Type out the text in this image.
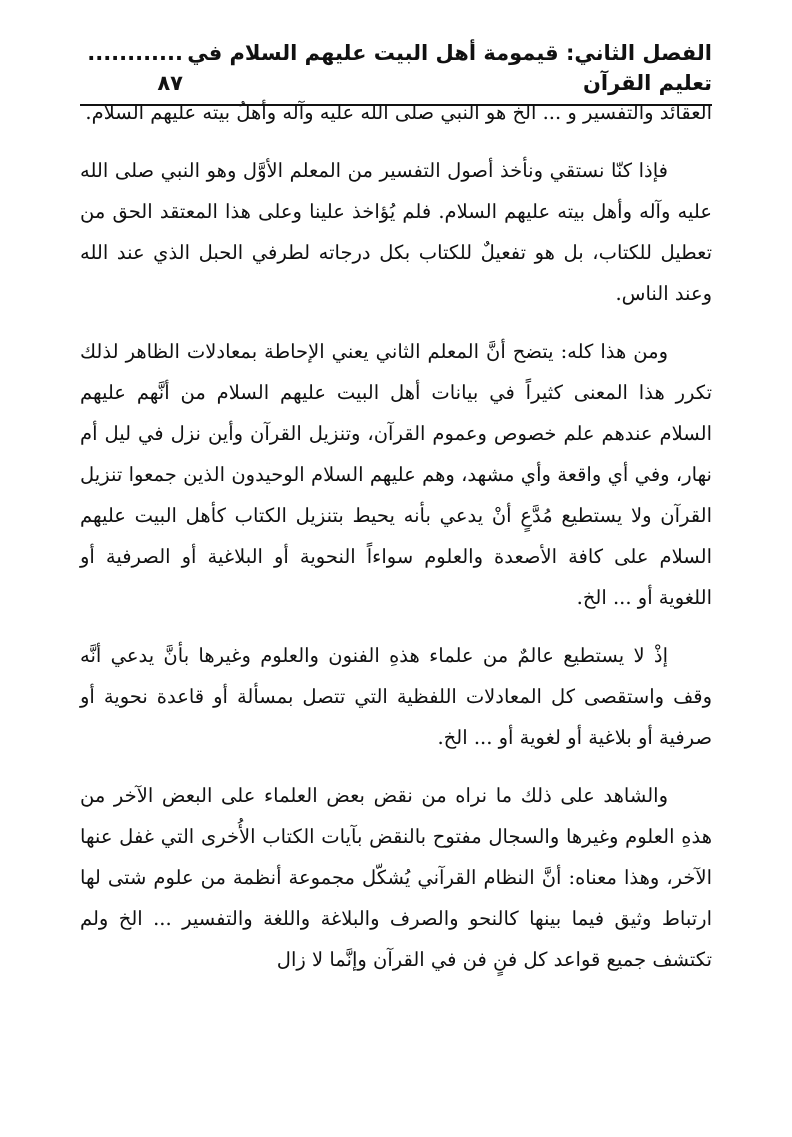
الفصل الثاني: قيمومة أهل البيت عليهم السلام في تعليم القرآن
............ ٨٧

العقائد والتفسير و ... الخ هو النبي صلى الله عليه وآله وأهلُ بيته عليهم السلام.

فإذا كنّا نستقي ونأخذ أصول التفسير من المعلم الأوَّل وهو النبي صلى الله عليه وآله وأهل بيته عليهم السلام. فلم يُؤاخذ علينا وعلى هذا المعتقد الحق من تعطيل للكتاب، بل هو تفعيلٌ للكتاب بكل درجاته لطرفي الحبل الذي عند الله وعند الناس.

ومن هذا كله: يتضح أنَّ المعلم الثاني يعني الإحاطة بمعادلات الظاهر لذلك تكرر هذا المعنى كثيراً في بيانات أهل البيت عليهم السلام من أنَّهم عليهم السلام عندهم علم خصوص وعموم القرآن، وتنزيل القرآن وأين نزل في ليل أم نهار، وفي أي واقعة وأي مشهد، وهم عليهم السلام الوحيدون الذين جمعوا تنزيل القرآن ولا يستطيع مُدَّعٍ أنْ يدعي بأنه يحيط بتنزيل الكتاب كأهل البيت عليهم السلام على كافة الأصعدة والعلوم سواءاً النحوية أو البلاغية أو الصرفية أو اللغوية أو ... الخ.

إذْ لا يستطيع عالمٌ من علماء هذهِ الفنون والعلوم وغيرها بأنَّ يدعي أنَّه وقف واستقصى كل المعادلات اللفظية التي تتصل بمسألة أو قاعدة نحوية أو صرفية أو بلاغية أو لغوية أو ... الخ.

والشاهد على ذلك ما نراه من نقض بعض العلماء على البعض الآخر من هذهِ العلوم وغيرها والسجال مفتوح بالنقض بآيات الكتاب الأُخرى التي غفل عنها الآخر، وهذا معناه: أنَّ النظام القرآني يُشكّل مجموعة أنظمة من علوم شتى لها ارتباط وثيق فيما بينها كالنحو والصرف والبلاغة واللغة والتفسير ... الخ ولم تكتشف جميع قواعد كل فنٍ فن في القرآن وإنَّما لا زال
